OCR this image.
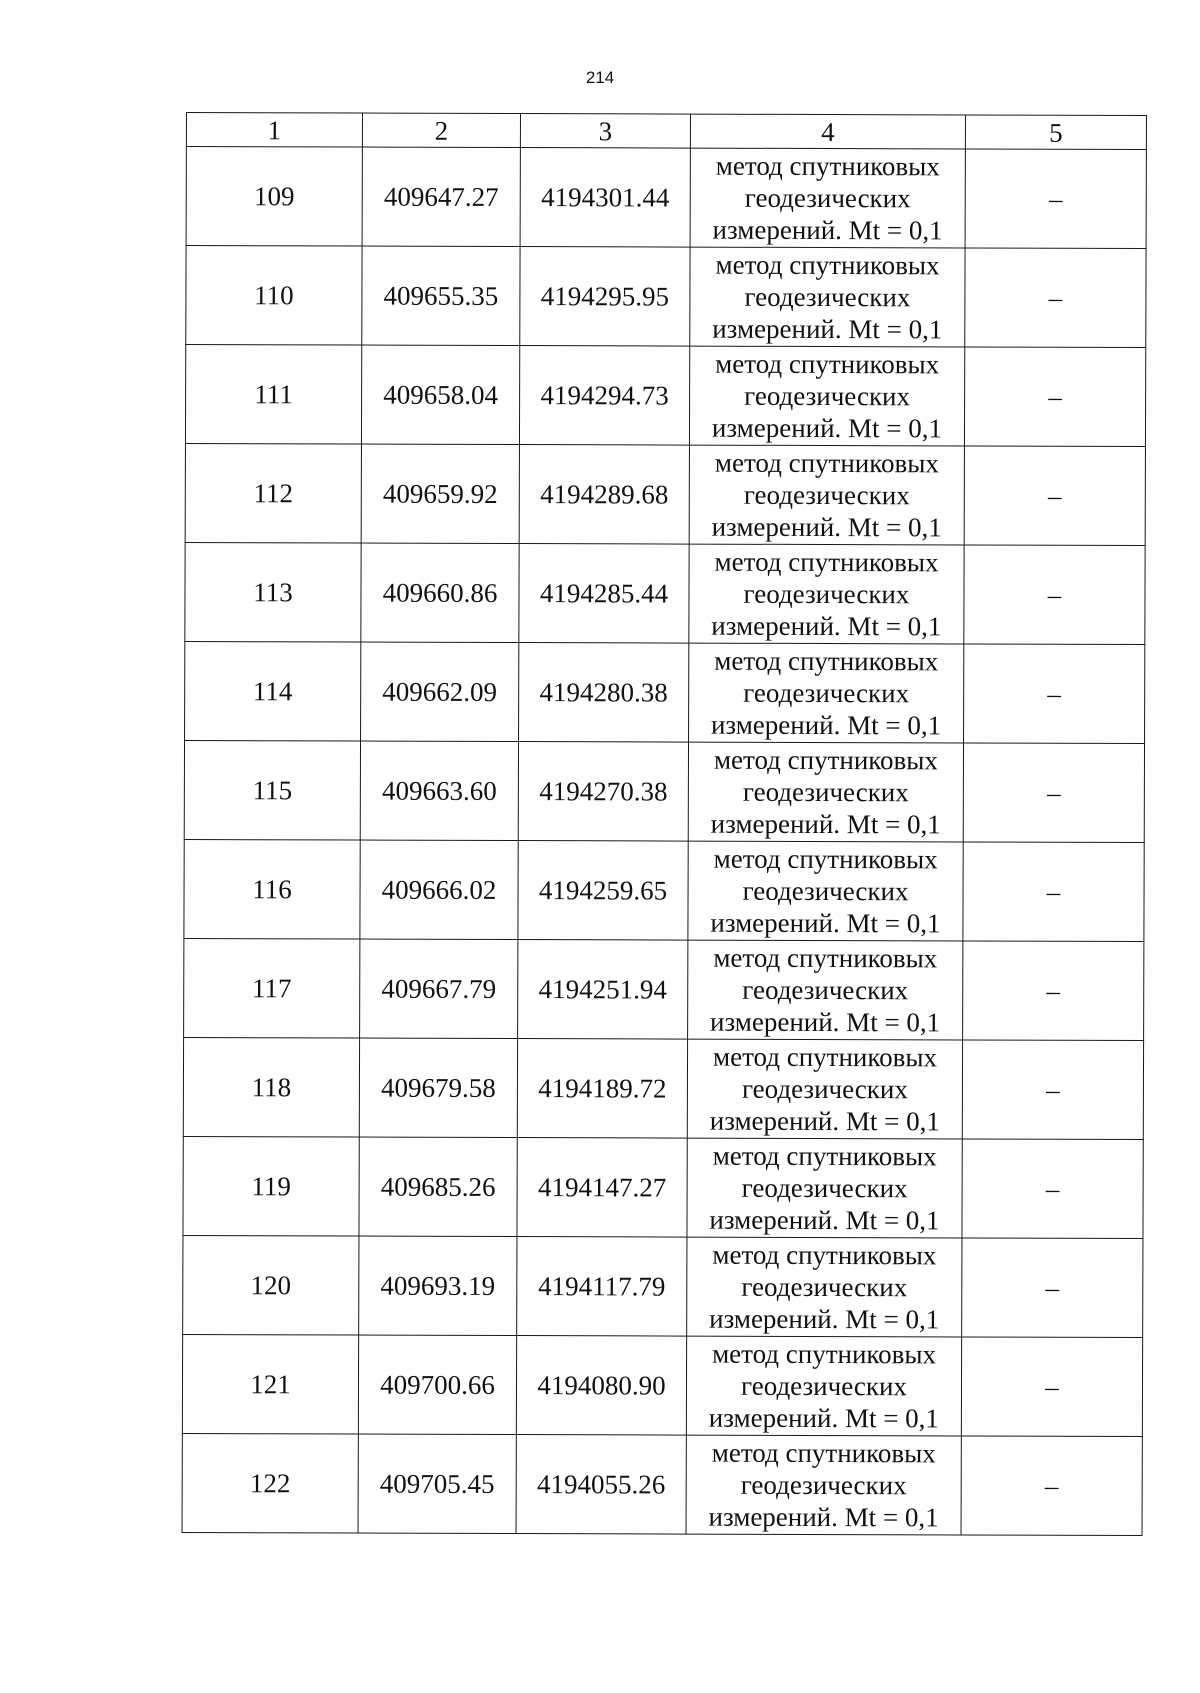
214
1	2	3	4	5
109	409647.27	4194301.44	метод спутниковых
геодезических
измерений. Mt = 0,1	–
110	409655.35	4194295.95	метод спутниковых
геодезических
измерений. Mt = 0,1	–
111	409658.04	4194294.73	метод спутниковых
геодезических
измерений. Mt = 0,1	–
112	409659.92	4194289.68	метод спутниковых
геодезических
измерений. Mt = 0,1	–
113	409660.86	4194285.44	метод спутниковых
геодезических
измерений. Mt = 0,1	–
114	409662.09	4194280.38	метод спутниковых
геодезических
измерений. Mt = 0,1	–
115	409663.60	4194270.38	метод спутниковых
геодезических
измерений. Mt = 0,1	–
116	409666.02	4194259.65	метод спутниковых
геодезических
измерений. Mt = 0,1	–
117	409667.79	4194251.94	метод спутниковых
геодезических
измерений. Mt = 0,1	–
118	409679.58	4194189.72	метод спутниковых
геодезических
измерений. Mt = 0,1	–
119	409685.26	4194147.27	метод спутниковых
геодезических
измерений. Mt = 0,1	–
120	409693.19	4194117.79	метод спутниковых
геодезических
измерений. Mt = 0,1	–
121	409700.66	4194080.90	метод спутниковых
геодезических
измерений. Mt = 0,1	–
122	409705.45	4194055.26	метод спутниковых
геодезических
измерений. Mt = 0,1	–
